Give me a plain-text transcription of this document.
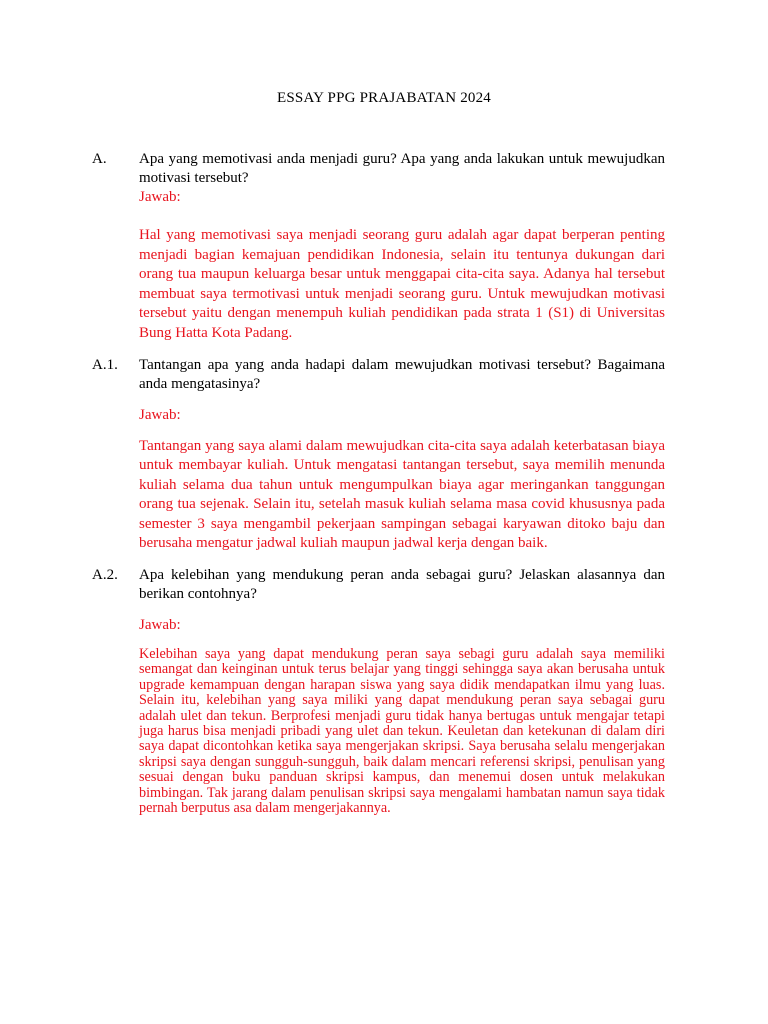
ESSAY PPG PRAJABATAN 2024
A. Apa yang memotivasi anda menjadi guru? Apa yang anda lakukan untuk mewujudkan motivasi tersebut?

Jawab:

Hal yang memotivasi saya menjadi seorang guru adalah agar dapat berperan penting menjadi bagian kemajuan pendidikan Indonesia, selain itu tentunya dukungan dari orang tua maupun keluarga besar untuk menggapai cita-cita saya. Adanya hal tersebut membuat saya termotivasi untuk menjadi seorang guru. Untuk mewujudkan motivasi tersebut yaitu dengan menempuh kuliah pendidikan pada strata 1 (S1) di Universitas Bung Hatta Kota Padang.

A.1. Tantangan apa yang anda hadapi dalam mewujudkan motivasi tersebut? Bagaimana anda mengatasinya?

Jawab:

Tantangan yang saya alami dalam mewujudkan cita-cita saya adalah keterbatasan biaya untuk membayar kuliah. Untuk mengatasi tantangan tersebut, saya memilih menunda kuliah selama dua tahun untuk mengumpulkan biaya agar meringankan tanggungan orang tua sejenak. Selain itu, setelah masuk kuliah selama masa covid khususnya pada semester 3 saya mengambil pekerjaan sampingan sebagai karyawan ditoko baju dan berusaha mengatur jadwal kuliah maupun jadwal kerja dengan baik.

A.2. Apa kelebihan yang mendukung peran anda sebagai guru? Jelaskan alasannya dan berikan contohnya?

Jawab:

Kelebihan saya yang dapat mendukung peran saya sebagi guru adalah saya memiliki semangat dan keinginan untuk terus belajar yang tinggi sehingga saya akan berusaha untuk upgrade kemampuan dengan harapan siswa yang saya didik mendapatkan ilmu yang luas. Selain itu, kelebihan yang saya miliki yang dapat mendukung peran saya sebagai guru adalah ulet dan tekun. Berprofesi menjadi guru tidak hanya bertugas untuk mengajar tetapi juga harus bisa menjadi pribadi yang ulet dan tekun. Keuletan dan ketekunan di dalam diri saya dapat dicontohkan ketika saya mengerjakan skripsi. Saya berusaha selalu mengerjakan skripsi saya dengan sungguh-sungguh, baik dalam mencari referensi skripsi, penulisan yang sesuai dengan buku panduan skripsi kampus, dan menemui dosen untuk melakukan bimbingan. Tak jarang dalam penulisan skripsi saya mengalami hambatan namun saya tidak pernah berputus asa dalam mengerjakannya.
